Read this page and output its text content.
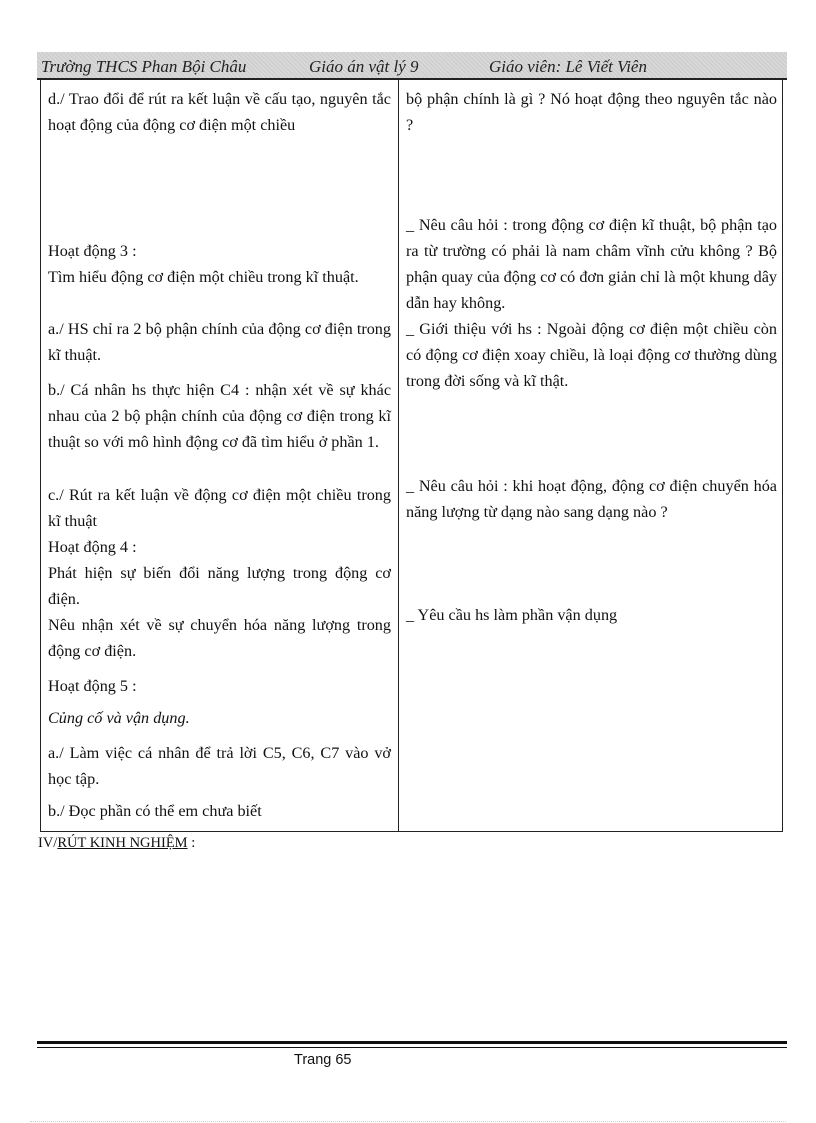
Trường THCS Phan Bội Châu	Giáo án vật lý 9	Giáo viên: Lê Viết Viên
d./ Trao đổi để rút ra kết luận về cấu tạo, nguyên tắc hoạt động của động cơ điện một chiều
Hoạt động 3 :
Tìm hiểu động cơ điện một chiều trong kĩ thuật.
a./ HS chỉ ra 2 bộ phận chính của động cơ điện trong kĩ thuật.
b./ Cá nhân hs thực hiện C4 : nhận xét về sự khác nhau của 2 bộ phận chính của động cơ điện trong kĩ thuật so với mô hình động cơ đã tìm hiểu ở phần 1.
c./ Rút ra kết luận về động cơ điện một chiều trong kĩ thuật
Hoạt động 4 :
Phát hiện sự biến đổi năng lượng trong động cơ điện.
Nêu nhận xét về sự chuyển hóa năng lượng trong động cơ điện.
Hoạt động 5 :
Củng cố và vận dụng.
a./ Làm việc cá nhân để trả lời C5, C6, C7 vào vở học tập.
b./ Đọc phần có thể em chưa biết
bộ phận chính là gì ? Nó hoạt động theo nguyên tắc nào ?
_ Nêu câu hỏi : trong động cơ điện kĩ thuật, bộ phận tạo ra từ trường có phải là nam châm vĩnh cửu không ? Bộ phận quay của động cơ có đơn giản chỉ là một khung dây dẫn hay không.
_ Giới thiệu với hs : Ngoài động cơ điện một chiều còn có động cơ điện xoay chiều, là loại động cơ thường dùng trong đời sống và kĩ thật.
_ Nêu câu hỏi : khi hoạt động, động cơ điện chuyển hóa năng lượng từ dạng nào sang dạng nào ?
_ Yêu cầu hs làm phần vận dụng
IV/RÚT KINH NGHIỆM :
Trang 65
